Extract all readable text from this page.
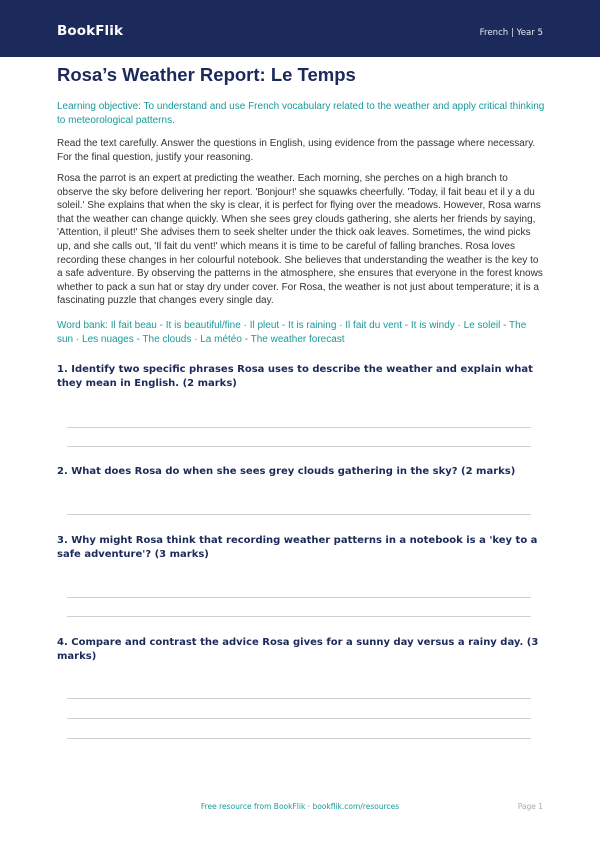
BookFlik	French | Year 5
Rosa’s Weather Report: Le Temps
Learning objective: To understand and use French vocabulary related to the weather and apply critical thinking to meteorological patterns.
Read the text carefully. Answer the questions in English, using evidence from the passage where necessary. For the final question, justify your reasoning.
Rosa the parrot is an expert at predicting the weather. Each morning, she perches on a high branch to observe the sky before delivering her report. 'Bonjour!' she squawks cheerfully. 'Today, il fait beau et il y a du soleil.' She explains that when the sky is clear, it is perfect for flying over the meadows. However, Rosa warns that the weather can change quickly. When she sees grey clouds gathering, she alerts her friends by saying, 'Attention, il pleut!' She advises them to seek shelter under the thick oak leaves. Sometimes, the wind picks up, and she calls out, 'Il fait du vent!' which means it is time to be careful of falling branches. Rosa loves recording these changes in her colourful notebook. She believes that understanding the weather is the key to a safe adventure. By observing the patterns in the atmosphere, she ensures that everyone in the forest knows whether to pack a sun hat or stay dry under cover. For Rosa, the weather is not just about temperature; it is a fascinating puzzle that changes every single day.
Word bank: Il fait beau - It is beautiful/fine · Il pleut - It is raining · Il fait du vent - It is windy · Le soleil - The sun · Les nuages - The clouds · La météo - The weather forecast
1. Identify two specific phrases Rosa uses to describe the weather and explain what they mean in English. (2 marks)
2. What does Rosa do when she sees grey clouds gathering in the sky? (2 marks)
3. Why might Rosa think that recording weather patterns in a notebook is a 'key to a safe adventure'? (3 marks)
4. Compare and contrast the advice Rosa gives for a sunny day versus a rainy day. (3 marks)
Free resource from BookFlik · bookflik.com/resources	Page 1
